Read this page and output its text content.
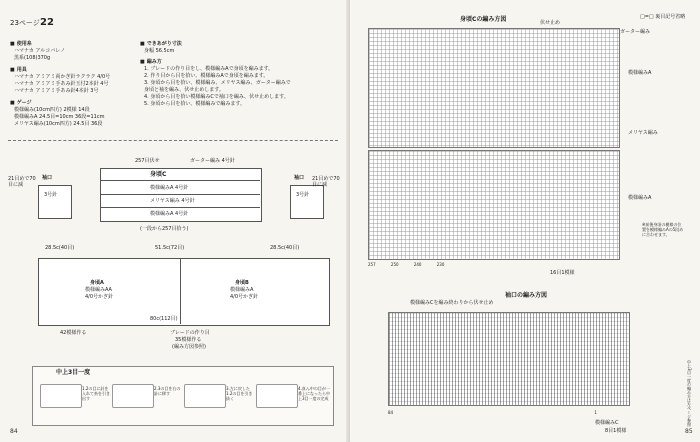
23ページ 22
■ 使用糸
ハマナカ アルコバレノ
黒系(108)370g
■ 用具
ハマナカ アミアミ両かぎ針ラクラク 4/0号
ハマナカ アミアミ手あみ針玉付2本針 4号
ハマナカ アミアミ手あみ針4本針 3号
■ ゲージ
模様編み(10cm四方) 2模様 14段
模様編みA 24.5目=10cm 36段=11cm
メリヤス編み(10cm四方) 24.5目 36段
■ できあがり寸法
身幅 56.5cm
■ 編み方
1. ブレードの作り目をし、模様編みAで身頃を編みます。
2. 作り目から目を拾い、模様編みAで身頃を編みます。
3. 身頃から目を拾い、模様編み、メリヤス編み、ガーター編みで
身頃と袖を編み、伏せ止めします。
4. 身頃から目を拾い模様編みCで袖口を編み、伏せ止めします。
5. 身頃から目を拾い、模様編みで編みます。
身頃C
257目伏せ	ガーター編み 4号針
模様編みA 4号針
メリヤス編み 4号針
模様編みA 4号針
(一段から257目拾う)
袖口
3号針
21目めで70目に減
袖口
3号針
21目めで70目に減
28.5c(40目)	51.5c(72目)	28.5c(40目)
身頃A
模様編みAA
4/0号かぎ針
身頃B
模様編みA
4/0号かぎ針
80c(112目)
42模様作る	ブレードの作り目
35模様作る
(編み方図参照)
中上3目一度
1.2の目に針を入れて糸を引き出す
2.3の目を右の針に移す
3.左に戻した1.2の目を引き抜く
4.真ん中の目が一番上になったら中上3目一度の完成
84
身頃Cの編み方図	□=□ 裏目記号省略
伏せ止め
ガーター編み
模様編みA
メリヤス編み
模様編みA
257	250	240	230
16目1模様
袖口の編み方図
模様編みCを編み終わりから伏せ止め
84	1
模様編みC
8目1模様
※前後身頃の模様の位置を模様編みAの5段めに合わせます。
中上3目一度の編み方は左ページ参照
85
